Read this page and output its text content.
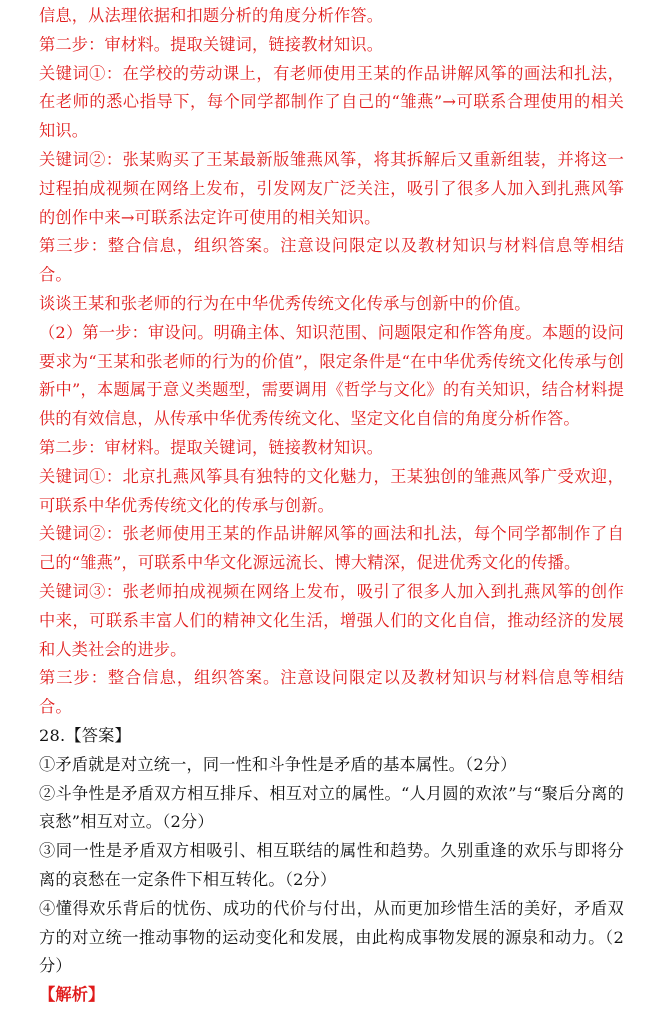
信息，从法理依据和扣题分析的角度分析作答。

第二步：审材料。提取关键词，链接教材知识。

关键词①：在学校的劳动课上，有老师使用王某的作品讲解风筝的画法和扎法，在老师的悉心指导下，每个同学都制作了自己的“雏燕”→可联系合理使用的相关知识。

关键词②：张某购买了王某最新版雏燕风筝，将其拆解后又重新组装，并将这一过程拍成视频在网络上发布，引发网友广泛关注，吸引了很多人加入到扎燕风筝的创作中来→可联系法定许可使用的相关知识。

第三步：整合信息，组织答案。注意设问限定以及教材知识与材料信息等相结合。

谈谈王某和张老师的行为在中华优秀传统文化传承与创新中的价值。

（2）第一步：审设问。明确主体、知识范围、问题限定和作答角度。本题的设问要求为“王某和张老师的行为的价值”，限定条件是“在中华优秀传统文化传承与创新中”，本题属于意义类题型，需要调用《哲学与文化》的有关知识，结合材料提供的有效信息，从传承中华优秀传统文化、坚定文化自信的角度分析作答。

第二步：审材料。提取关键词，链接教材知识。

关键词①：北京扎燕风筝具有独特的文化魅力，王某独创的雏燕风筝广受欢迎，可联系中华优秀传统文化的传承与创新。

关键词②：张老师使用王某的作品讲解风筝的画法和扎法，每个同学都制作了自己的“雏燕”，可联系中华文化源远流长、博大精深，促进优秀文化的传播。

关键词③：张老师拍成视频在网络上发布，吸引了很多人加入到扎燕风筝的创作中来，可联系丰富人们的精神文化生活，增强人们的文化自信，推动经济的发展和人类社会的进步。

第三步：整合信息，组织答案。注意设问限定以及教材知识与材料信息等相结合。

28.【答案】

①矛盾就是对立统一，同一性和斗争性是矛盾的基本属性。（2分）

②斗争性是矛盾双方相互排斥、相互对立的属性。“人月圆的欢浓”与“聚后分离的哀愁”相互对立。（2分）

③同一性是矛盾双方相吸引、相互联结的属性和趋势。久别重逢的欢乐与即将分离的哀愁在一定条件下相互转化。（2分）

④懂得欢乐背后的忧伤、成功的代价与付出，从而更加珍惜生活的美好，矛盾双方的对立统一推动事物的运动变化和发展，由此构成事物发展的源泉和动力。（2分）

【解析】
